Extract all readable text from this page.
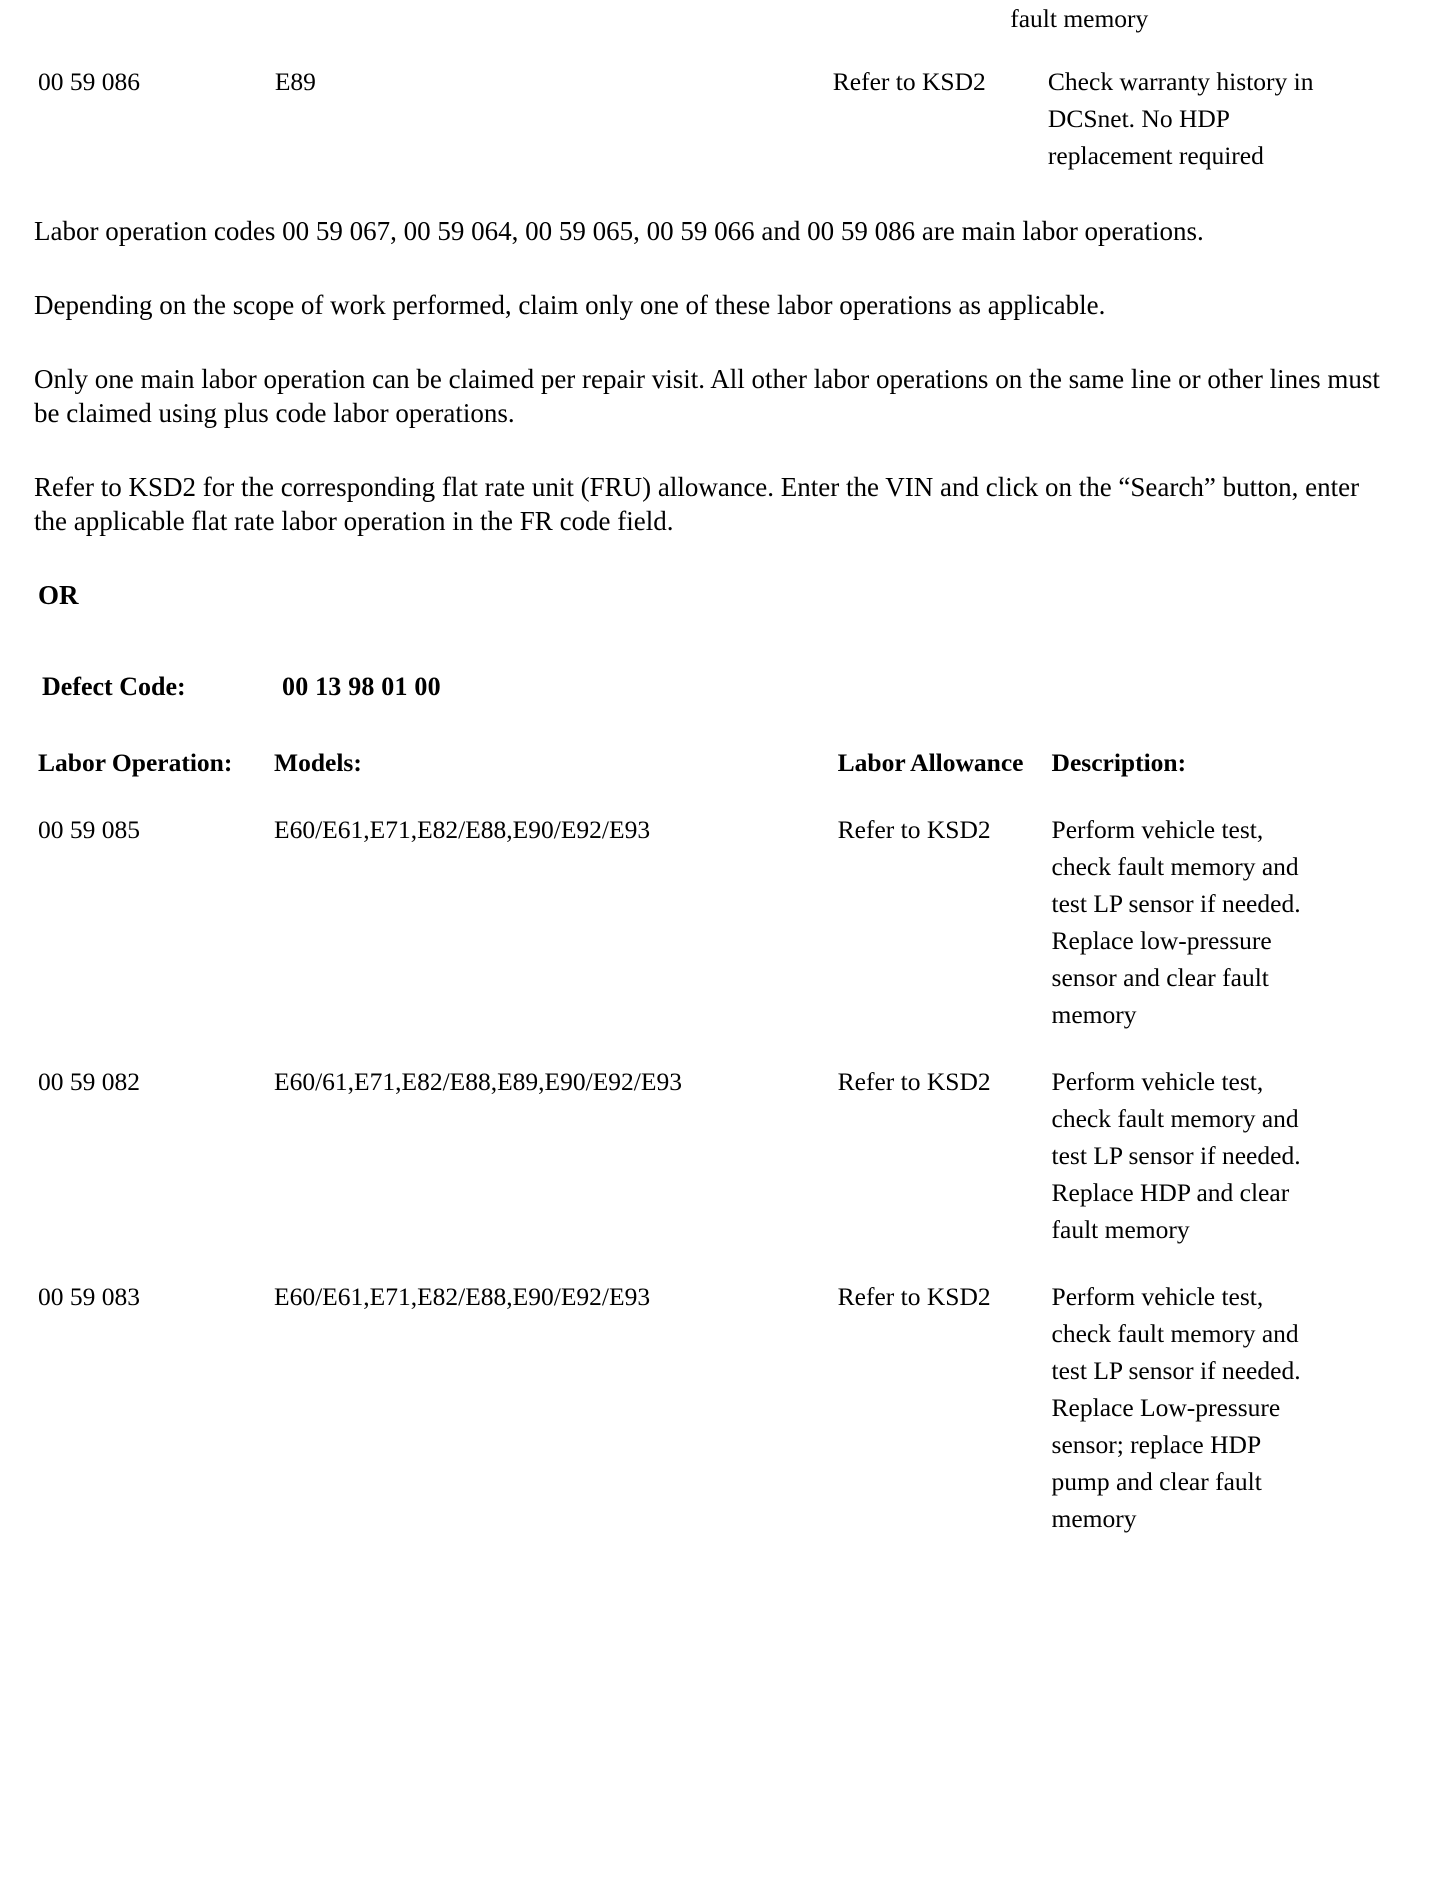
			fault memory
00 59 086	E89	Refer to KSD2	Check warranty history in DCSnet. No HDP replacement required

Labor operation codes 00 59 067, 00 59 064, 00 59 065, 00 59 066 and 00 59 086 are main labor operations.

Depending on the scope of work performed, claim only one of these labor operations as applicable.

Only one main labor operation can be claimed per repair visit. All other labor operations on the same line or other lines must be claimed using plus code labor operations.

Refer to KSD2 for the corresponding flat rate unit (FRU) allowance. Enter the VIN and click on the “Search” button, enter the applicable flat rate labor operation in the FR code field.

OR
Defect Code:	00 13 98 01 00
Labor Operation:	Models:	Labor Allowance	Description:

00 59 085	E60/E61,E71,E82/E88,E90/E92/E93	Refer to KSD2	Perform vehicle test, check fault memory and test LP sensor if needed. Replace low-pressure sensor and clear fault memory

00 59 082	E60/61,E71,E82/E88,E89,E90/E92/E93	Refer to KSD2	Perform vehicle test, check fault memory and test LP sensor if needed. Replace HDP and clear fault memory

00 59 083	E60/E61,E71,E82/E88,E90/E92/E93	Refer to KSD2	Perform vehicle test, check fault memory and test LP sensor if needed. Replace Low-pressure sensor; replace HDP pump and clear fault memory
